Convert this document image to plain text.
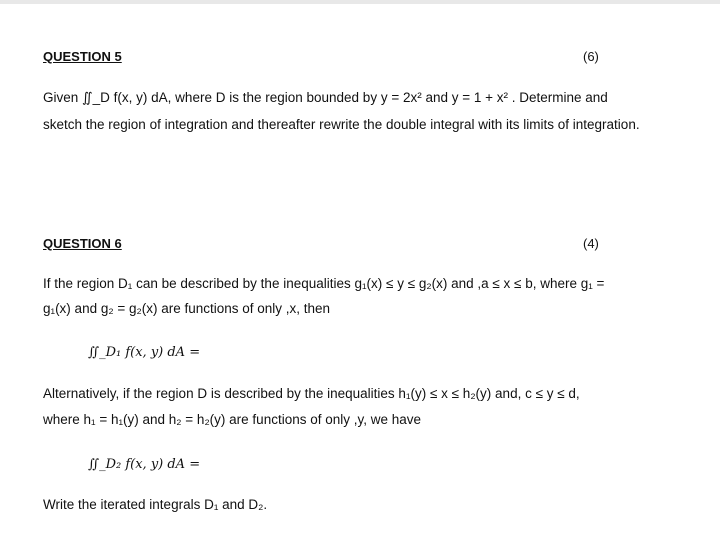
QUESTION 5	(6)
Given ∬_D f(x, y) dA, where D is the region bounded by y = 2x² and y = 1 + x² . Determine and
sketch the region of integration and thereafter rewrite the double integral with its limits of integration.
QUESTION 6	(4)
If the region D₁ can be described by the inequalities g₁(x) ≤ y ≤ g₂(x) and ,a ≤ x ≤ b, where g₁ =
g₁(x) and g₂ = g₂(x) are functions of only ,x, then
∬_D₁ f(x, y) dA =
Alternatively, if the region D is described by the inequalities h₁(y) ≤ x ≤ h₂(y) and, c ≤ y ≤ d,
where h₁ = h₁(y) and h₂ = h₂(y) are functions of only ,y, we have
∬_D₂ f(x, y) dA =
Write the iterated integrals D₁ and D₂.
